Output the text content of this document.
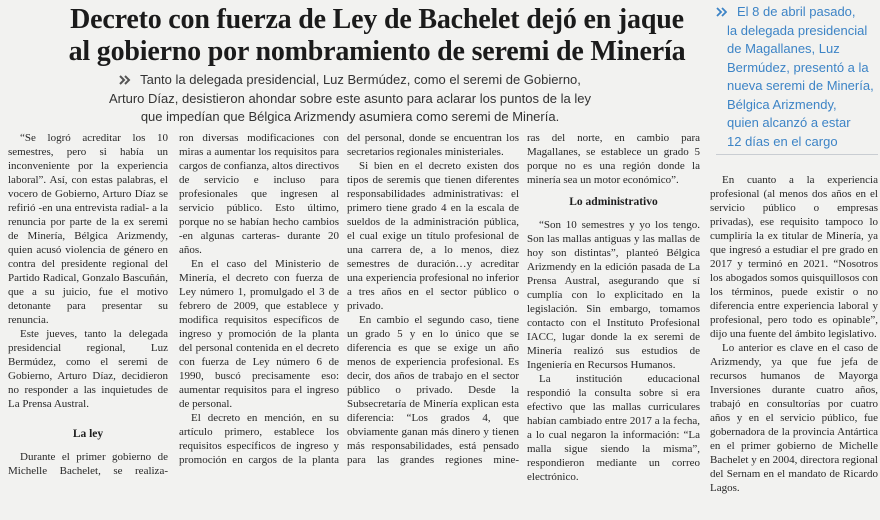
Decreto con fuerza de Ley de Bachelet dejó en jaque
al gobierno por nombramiento de seremi de Minería
Tanto la delegada presidencial, Luz Bermúdez, como el seremi de Gobierno,
Arturo Díaz, desistieron ahondar sobre este asunto para aclarar los puntos de la ley
que impedían que Bélgica Arizmendy asumiera como seremi de Minería.
El 8 de abril pasado,
la delegada presidencial
de Magallanes, Luz
Bermúdez, presentó a la
nueva seremi de Minería,
Bélgica Arizmendy,
quien alcanzó a estar
12 días en el cargo

“Se logró acreditar los 10 semestres, pero si había un inconveniente por la experiencia laboral”. Así, con estas palabras, el vocero de Gobierno, Arturo Díaz se refirió -en una entrevista radial- a la renuncia por parte de la ex seremi de Minería, Bélgica Arizmendy, quien acusó violencia de género en contra del presidente regional del Partido Radical, Gonzalo Bascuñán, que a su juicio, fue el motivo detonante para presentar su renuncia.

Este jueves, tanto la delegada presidencial regional, Luz Bermúdez, como el seremi de Gobierno, Arturo Díaz, decidieron no responder a las inquietudes de La Prensa Austral.

La ley

Durante el primer gobierno de Michelle Bachelet, se realiza-

ron diversas modificaciones con miras a aumentar los requisitos para cargos de confianza, altos directivos de servicio e incluso para profesionales que ingresen al servicio público. Esto último, porque no se habían hecho cambios -en algunas carteras- durante 20 años.

En el caso del Ministerio de Minería, el decreto con fuerza de Ley número 1, promulgado el 3 de febrero de 2009, que establece y modifica requisitos específicos de ingreso y promoción de la planta del personal contenida en el decreto con fuerza de Ley número 6 de 1990, buscó precisamente eso: aumentar requisitos para el ingreso de personal.

El decreto en mención, en su artículo primero, establece los requisitos específicos de ingreso y promoción en cargos de la planta

del personal, donde se encuentran los secretarios regionales ministeriales.

Si bien en el decreto existen dos tipos de seremis que tienen diferentes responsabilidades administrativas: el primero tiene grado 4 en la escala de sueldos de la administración pública, el cual exige un título profesional de una carrera de, a lo menos, diez semestres de duración…y acreditar una experiencia profesional no inferior a tres años en el sector público o privado.

En cambio el segundo caso, tiene un grado 5 y en lo único que se diferencia es que se exige un año menos de experiencia profesional. Es decir, dos años de trabajo en el sector público o privado. Desde la Subsecretaría de Minería explican esta diferencia: “Los grados 4, que obviamente ganan más dinero y tienen más responsabilidades, está pensado para las grandes regiones mine-

ras del norte, en cambio para Magallanes, se establece un grado 5 porque no es una región donde la minería sea un motor económico”.

Lo administrativo

“Son 10 semestres y yo los tengo. Son las mallas antiguas y las mallas de hoy son distintas”, planteó Bélgica Arizmendy en la edición pasada de La Prensa Austral, asegurando que sí cumplía con lo explicitado en la legislación. Sin embargo, tomamos contacto con el Instituto Profesional IACC, lugar donde la ex seremi de Minería realizó sus estudios de Ingeniería en Recursos Humanos.

La institución educacional respondió la consulta sobre si era efectivo que las mallas curriculares habían cambiado entre 2017 a la fecha, a lo cual negaron la información: “La malla sigue siendo la misma”, respondieron mediante un correo electrónico.

En cuanto a la experiencia profesional (al menos dos años en el servicio público o empresas privadas), ese requisito tampoco lo cumpliría la ex titular de Minería, ya que ingresó a estudiar el pre grado en 2017 y terminó en 2021. “Nosotros los abogados somos quisquillosos con los términos, puede existir o no diferencia entre experiencia laboral y profesional, pero todo es opinable”, dijo una fuente del ámbito legislativo.

Lo anterior es clave en el caso de Arizmendy, ya que fue jefa de recursos humanos de Mayorga Inversiones durante cuatro años, trabajó en consultorías por cuatro años y en el servicio público, fue gobernadora de la provincia Antártica en el primer gobierno de Michelle Bachelet y en 2004, directora regional del Sernam en el mandato de Ricardo Lagos.
